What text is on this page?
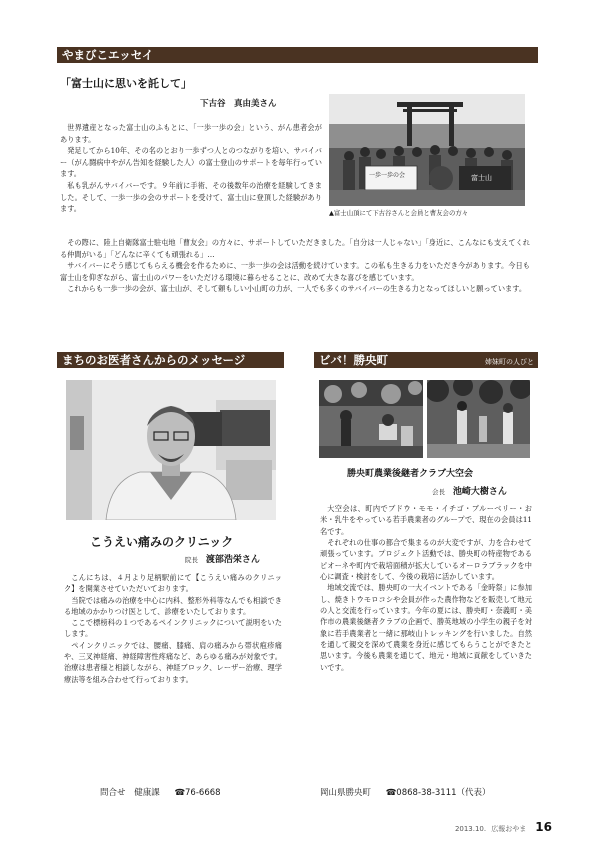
やまびこエッセイ
「富士山に思いを託して」
下古谷　真由美さん
一歩一歩の会	富士山
▲富士山頂にて下古谷さんと会員と曹友会の方々

世界遺産となった富士山のふもとに、「一歩一歩の会」という、がん患者会があります。

発足してから10年、その名のとおり一歩ずつ人とのつながりを培い、サバイバー（がん闘病中やがん告知を経験した人）の富士登山のサポートを毎年行っています。

私も乳がんサバイバーです。９年前に手術、その後数年の治療を経験してきました。そして、一歩一歩の会のサポートを受けて、富士山に登頂した経験があります。

その際に、陸上自衛隊富士駐屯地「曹友会」の方々に、サポートしていただきました。「自分は一人じゃない」「身近に、こんなにも支えてくれる仲間がいる」「どんなに辛くても頑張れる」…

サバイバーにそう感じてもらえる機会を作るために、一歩一歩の会は活動を続けています。この私も生きる力をいただき今があります。今日も富士山を仰ぎながら、富士山のパワーをいただける環境に暮らせることに、改めて大きな喜びを感じています。

これからも一歩一歩の会が、富士山が、そして頼もしい小山町の力が、一人でも多くのサバイバーの生きる力となってほしいと願っています。

まちのお医者さんからのメッセージ
こうえい痛みのクリニック
院長 渡部浩栄さん

こんにちは、４月より足柄駅前にて【こうえい痛みのクリニック】を開業させていただいております。

当院では痛みの治療を中心に内科、整形外科等なんでも相談できる地域のかかりつけ医として、診療をいたしております。

ここで標榜科の１つであるペインクリニックについて説明をいたします。

ペインクリニックでは、腰痛、膝痛、肩の痛みから帯状疱疹痛や、三叉神経痛、神経障害性疼痛など、あらゆる痛みが対象です。治療は患者様と相談しながら、神経ブロック、レーザー治療、理学療法等を組み合わせて行っております。

問合せ 健康課 ☎76-6668
ビバ！勝央町	姉妹町の人びと
勝央町農業後継者クラブ大空会
会長 池崎大樹さん

大空会は、町内でブドウ・モモ・イチゴ・ブルーベリー・お米・乳牛をやっている若手農業者のグループで、現在の会員は11名です。

それぞれの仕事の都合で集まるのが大変ですが、力を合わせて頑張っています。プロジェクト活動では、勝央町の特産物であるピオーネや町内で栽培面積が拡大しているオーロラブラックを中心に調査・検討をして、今後の栽培に活かしています。

地域交流では、勝央町の一大イベントである「金時祭」に参加し、焼きトウモロコシや会員が作った農作物などを販売して地元の人と交流を行っています。今年の夏には、勝央町・奈義町・美作市の農業後継者クラブの企画で、勝英地域の小学生の親子を対象に若手農業者と一緒に那岐山トレッキングを行いました。自然を通して親交を深めて農業を身近に感じてもらうことができたと思います。今後も農業を通じて、地元・地域に貢献をしていきたいです。

岡山県勝央町 ☎0868-38-3111（代表）
2013.10. 広報おやま 16
